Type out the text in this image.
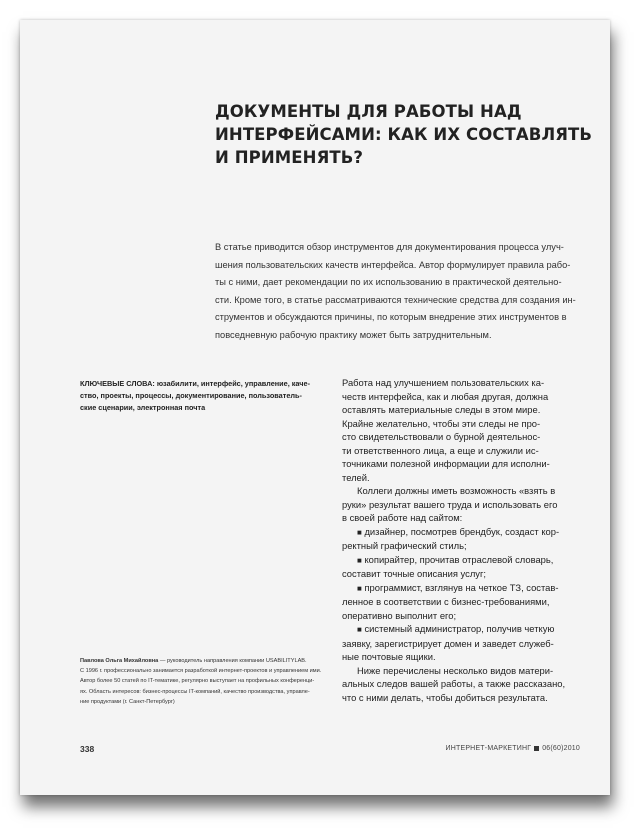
ДОКУМЕНТЫ ДЛЯ РАБОТЫ НАД
ИНТЕРФЕЙСАМИ: КАК ИХ СОСТАВЛЯТЬ
И ПРИМЕНЯТЬ?
В статье приводится обзор инструментов для документирования процесса улуч-
шения пользовательских качеств интерфейса. Автор формулирует правила рабо-
ты с ними, дает рекомендации по их использованию в практической деятельно-
сти. Кроме того, в статье рассматриваются технические средства для создания ин-
струментов и обсуждаются причины, по которым внедрение этих инструментов в
повседневную рабочую практику может быть затруднительным.
КЛЮЧЕВЫЕ СЛОВА: юзабилити, интерфейс, управление, каче-
ство, проекты, процессы, документирование, пользователь-
ские сценарии, электронная почта
Работа над улучшением пользовательских ка-
честв интерфейса, как и любая другая, должна
оставлять материальные следы в этом мире.
Крайне желательно, чтобы эти следы не про-
сто свидетельствовали о бурной деятельнос-
ти ответственного лица, а еще и служили ис-
точниками полезной информации для исполни-
телей.
Коллеги должны иметь возможность «взять в
руки» результат вашего труда и использовать его
в своей работе над сайтом:
■ дизайнер, посмотрев брендбук, создаст кор-
ректный графический стиль;
■ копирайтер, прочитав отраслевой словарь,
составит точные описания услуг;
■ программист, взглянув на четкое ТЗ, состав-
ленное в соответствии с бизнес-требованиями,
оперативно выполнит его;
■ системный администратор, получив четкую
заявку, зарегистрирует домен и заведет служеб-
ные почтовые ящики.
Ниже перечислены несколько видов матери-
альных следов вашей работы, а также рассказано,
что с ними делать, чтобы добиться результата.
Павлова Ольга Михайловна — руководитель направления компании USABILITYLAB.
С 1996 г. профессионально занимается разработкой интернет-проектов и управлением ими.
Автор более 50 статей по IT-тематике, регулярно выступает на профильных конференци-
ях. Область интересов: бизнес-процессы IT-компаний, качество производства, управле-
ние продуктами (г. Санкт-Петербург)
338	ИНТЕРНЕТ-МАРКЕТИНГ 06(60)2010
